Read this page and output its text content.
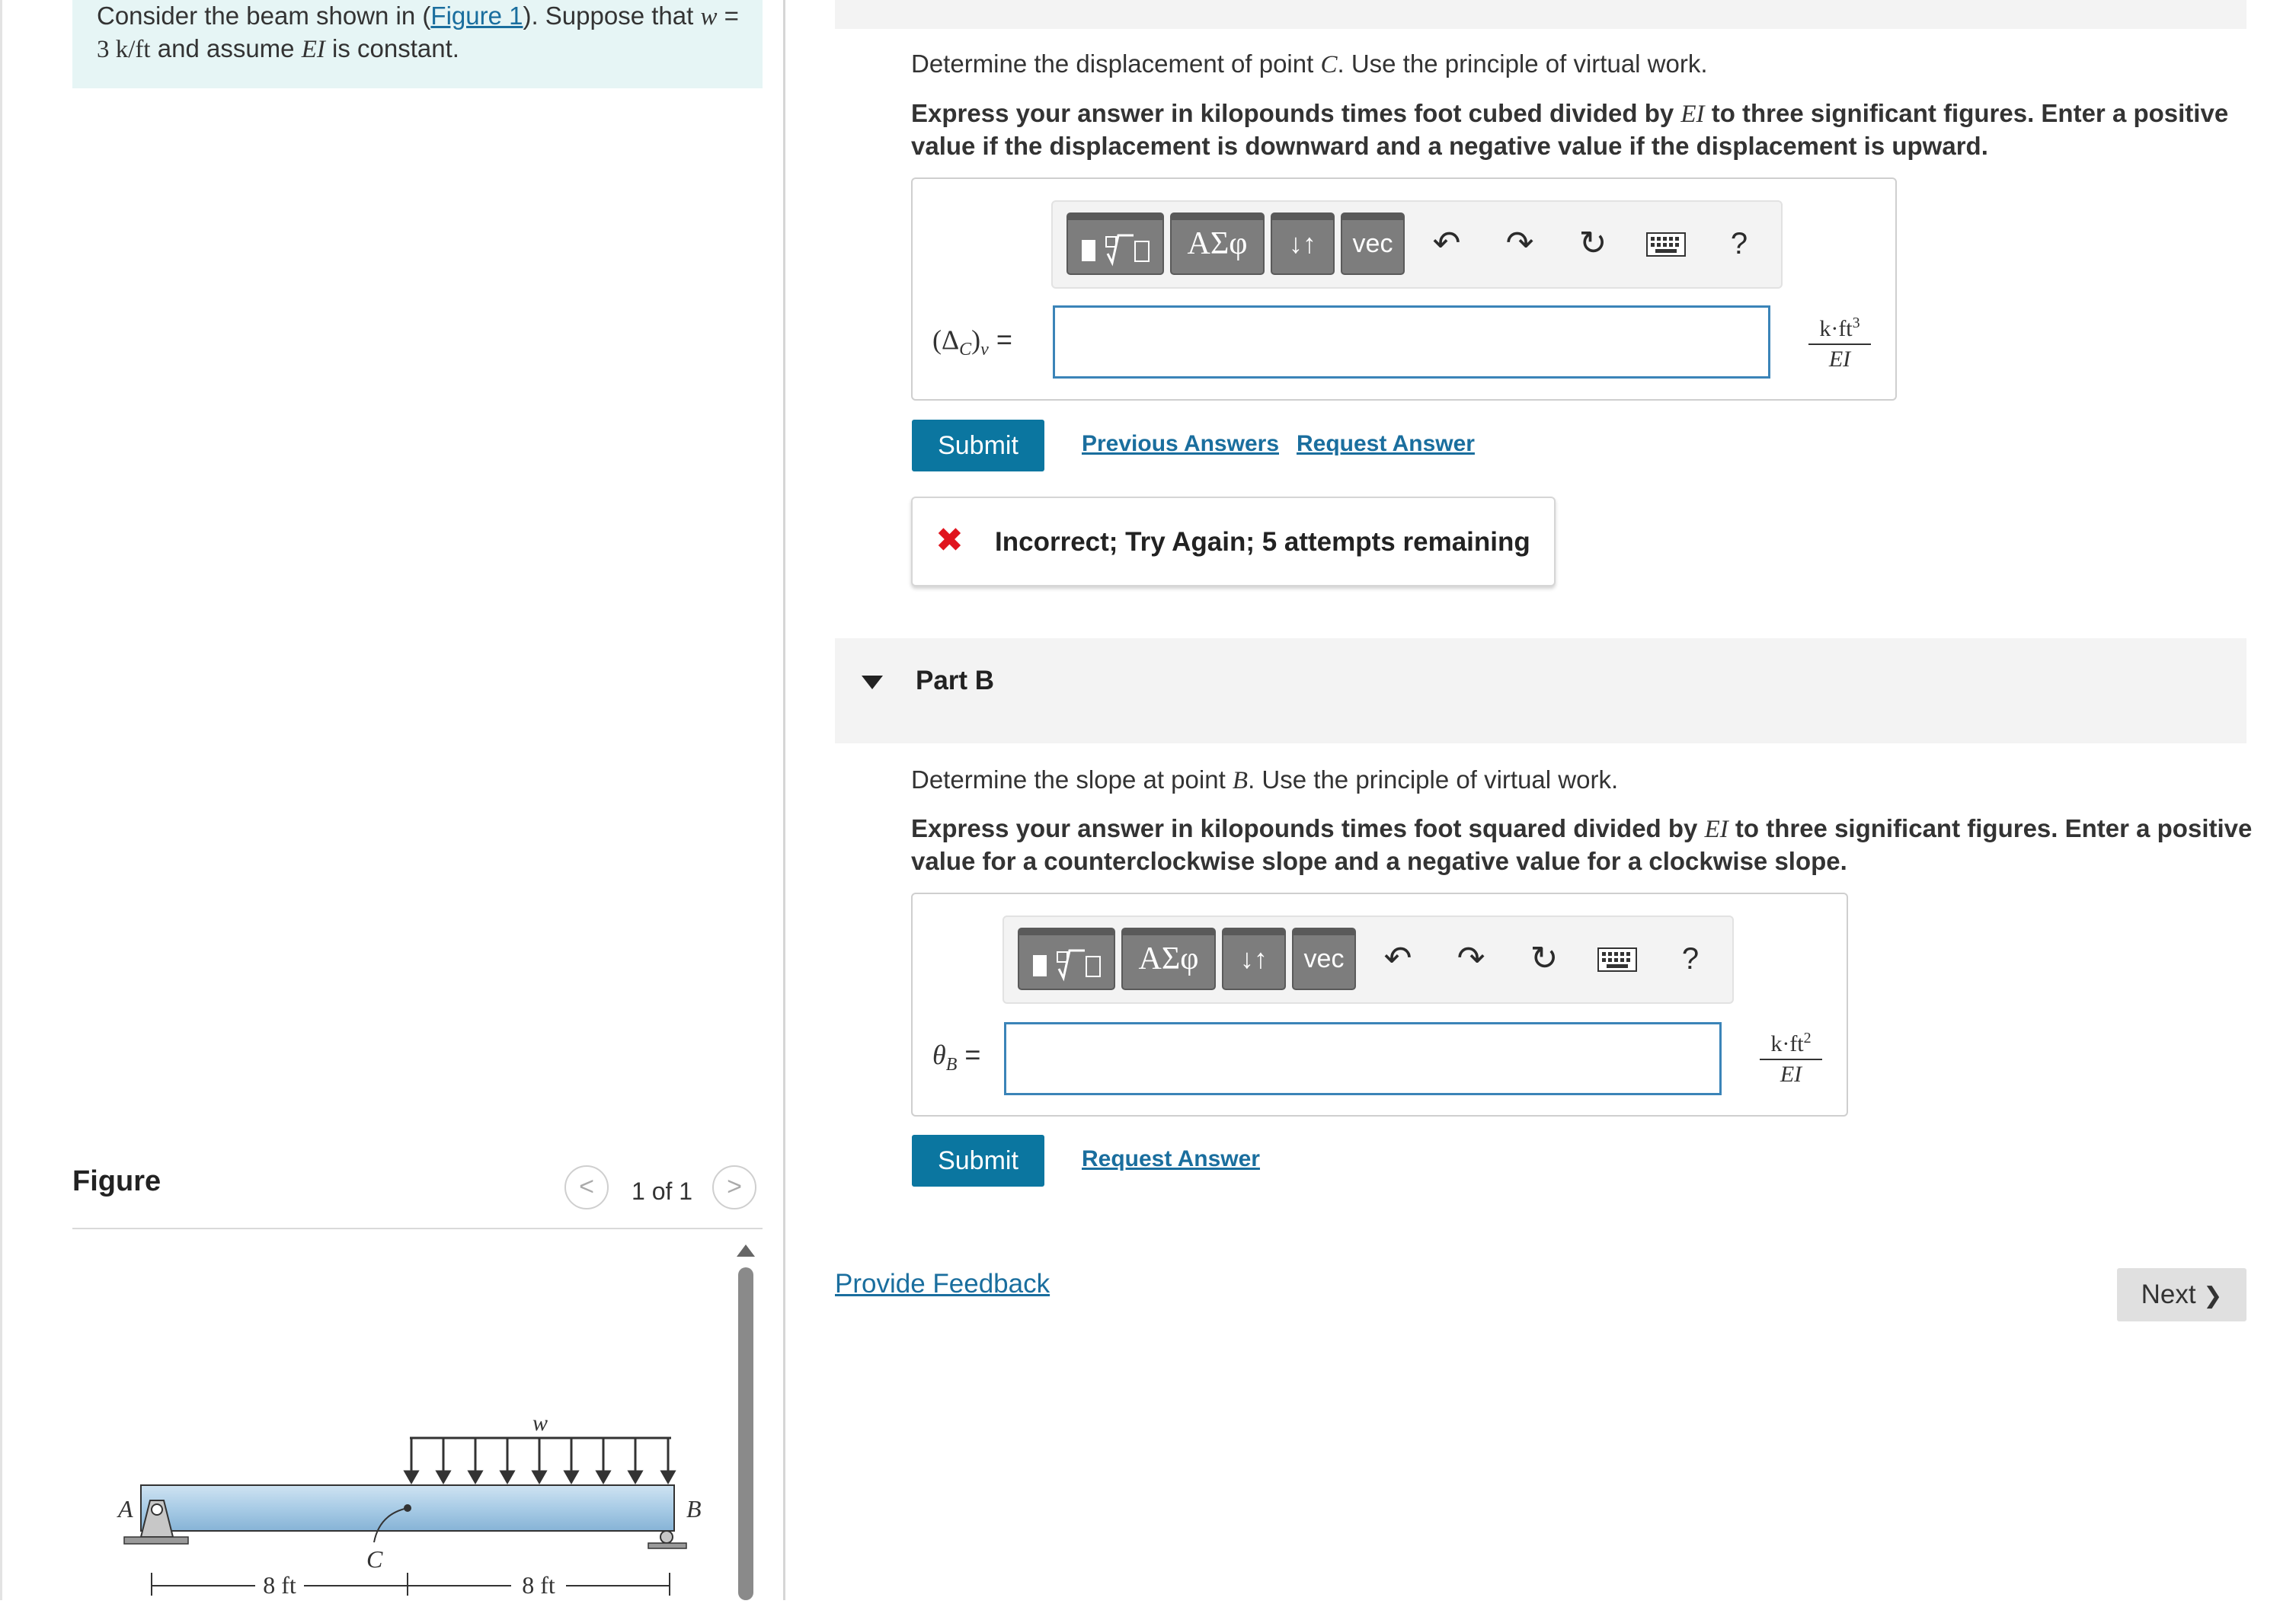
Consider the beam shown in (Figure 1). Suppose that w =
3 k/ft and assume EI is constant.
Figure	<	1 of 1	>
w
A	B
C
8 ft	8 ft
Determine the displacement of point C. Use the principle of virtual work.
Express your answer in kilopounds times foot cubed divided by EI to three significant figures. Enter a positive
value if the displacement is downward and a negative value if the displacement is upward.
ΑΣφ	↓↑	vec	↶	↷	↻	?
$(\Delta_C)_v$ =	$\frac{k\cdot ft^3}{EI}$
Submit	Previous Answers Request Answer
✖ Incorrect; Try Again; 5 attempts remaining
Part B
Determine the slope at point B. Use the principle of virtual work.
Express your answer in kilopounds times foot squared divided by EI to three significant figures. Enter a positive
value for a counterclockwise slope and a negative value for a clockwise slope.
ΑΣφ	↓↑	vec	↶	↷	↻	?
$\theta_B$ =	$\frac{k\cdot ft^2}{EI}$
Submit	Request Answer
Provide Feedback	Next ❯
